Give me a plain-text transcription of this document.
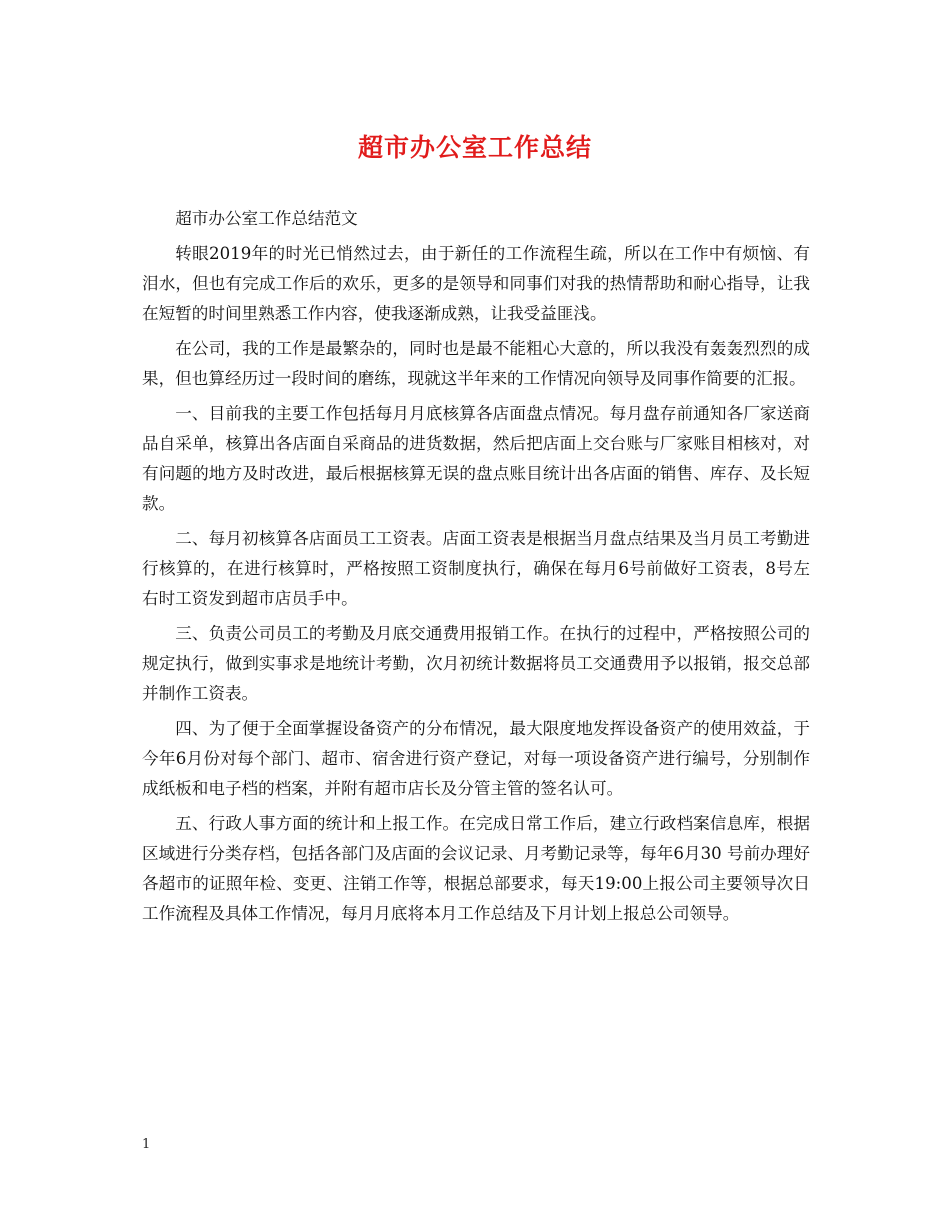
超市办公室工作总结

超市办公室工作总结范文

转眼2019年的时光已悄然过去，由于新任的工作流程生疏，所以在工作中有烦恼、有泪水，但也有完成工作后的欢乐，更多的是领导和同事们对我的热情帮助和耐心指导，让我在短暂的时间里熟悉工作内容，使我逐渐成熟，让我受益匪浅。

在公司，我的工作是最繁杂的，同时也是最不能粗心大意的，所以我没有轰轰烈烈的成果，但也算经历过一段时间的磨练，现就这半年来的工作情况向领导及同事作简要的汇报。

一、目前我的主要工作包括每月月底核算各店面盘点情况。每月盘存前通知各厂家送商品自采单，核算出各店面自采商品的进货数据，然后把店面上交台账与厂家账目相核对，对有问题的地方及时改进，最后根据核算无误的盘点账目统计出各店面的销售、库存、及长短款。

二、每月初核算各店面员工工资表。店面工资表是根据当月盘点结果及当月员工考勤进行核算的，在进行核算时，严格按照工资制度执行，确保在每月6号前做好工资表，8号左右时工资发到超市店员手中。

三、负责公司员工的考勤及月底交通费用报销工作。在执行的过程中，严格按照公司的规定执行，做到实事求是地统计考勤，次月初统计数据将员工交通费用予以报销，报交总部并制作工资表。

四、为了便于全面掌握设备资产的分布情况，最大限度地发挥设备资产的使用效益，于今年6月份对每个部门、超市、宿舍进行资产登记，对每一项设备资产进行编号，分别制作成纸板和电子档的档案，并附有超市店长及分管主管的签名认可。

五、行政人事方面的统计和上报工作。在完成日常工作后，建立行政档案信息库，根据区域进行分类存档，包括各部门及店面的会议记录、月考勤记录等，每年6月30 号前办理好各超市的证照年检、变更、注销工作等，根据总部要求，每天19:00上报公司主要领导次日工作流程及具体工作情况，每月月底将本月工作总结及下月计划上报总公司领导。

1
